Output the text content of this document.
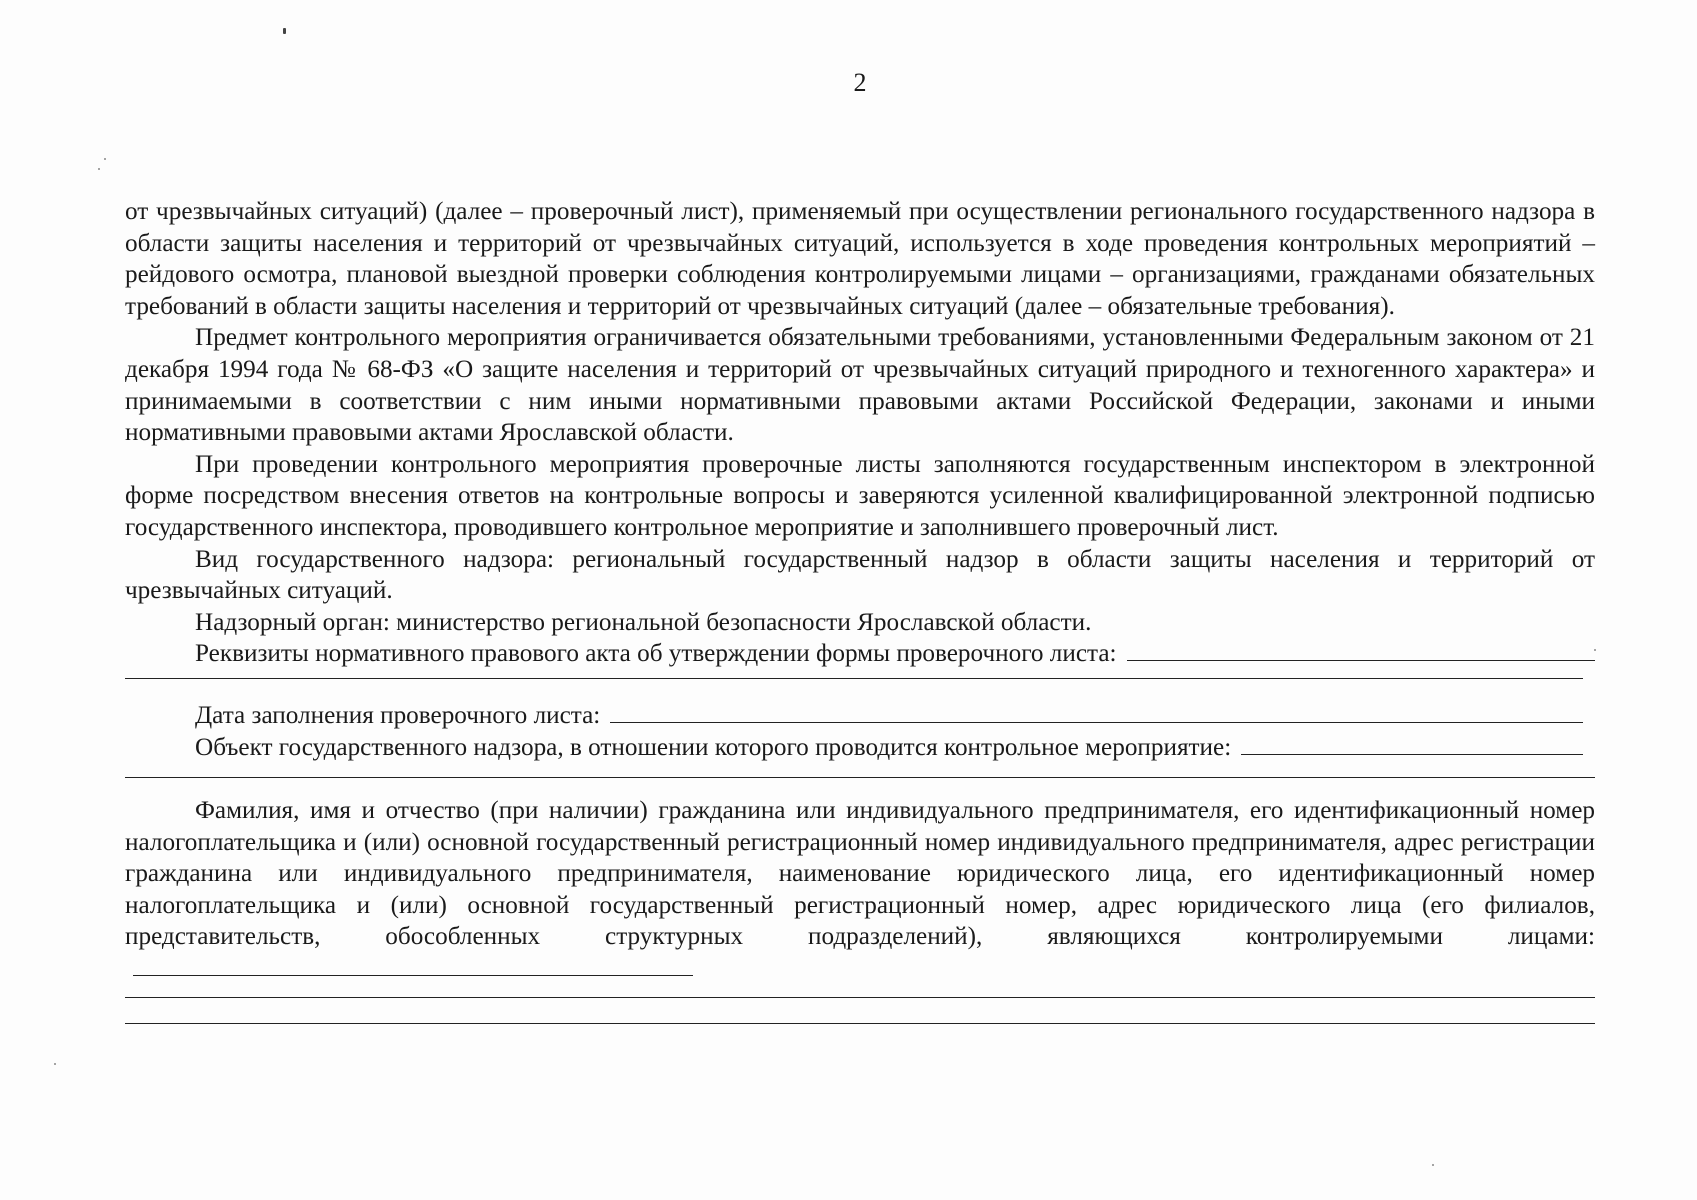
2

от чрезвычайных ситуаций) (далее – проверочный лист), применяемый при осуществлении регионального государственного надзора в области защиты населения и территорий от чрезвычайных ситуаций, используется в ходе проведения контрольных мероприятий – рейдового осмотра, плановой выездной проверки соблюдения контролируемыми лицами – организациями, гражданами обязательных требований в области защиты населения и территорий от чрезвычайных ситуаций (далее – обязательные требования).

Предмет контрольного мероприятия ограничивается обязательными требованиями, установленными Федеральным законом от 21 декабря 1994 года № 68-ФЗ «О защите населения и территорий от чрезвычайных ситуаций природного и техногенного характера» и принимаемыми в соответствии с ним иными нормативными правовыми актами Российской Федерации, законами и иными нормативными правовыми актами Ярославской области.

При проведении контрольного мероприятия проверочные листы заполняются государственным инспектором в электронной форме посредством внесения ответов на контрольные вопросы и заверяются усиленной квалифицированной электронной подписью государственного инспектора, проводившего контрольное мероприятие и заполнившего проверочный лист.

Вид государственного надзора: региональный государственный надзор в области защиты населения и территорий от чрезвычайных ситуаций.

Надзорный орган: министерство региональной безопасности Ярославской области.

Реквизиты нормативного правового акта об утверждении формы проверочного листа:
Дата заполнения проверочного листа:
Объект государственного надзора, в отношении которого проводится контрольное мероприятие:

Фамилия, имя и отчество (при наличии) гражданина или индивидуального предпринимателя, его идентификационный номер налогоплательщика и (или) основной государственный регистрационный номер индивидуального предпринимателя, адрес регистрации гражданина или индивидуального предпринимателя, наименование юридического лица, его идентификационный номер налогоплательщика и (или) основной государственный регистрационный номер, адрес юридического лица (его филиалов, представительств, обособленных структурных подразделений), являющихся контролируемыми лицами:
